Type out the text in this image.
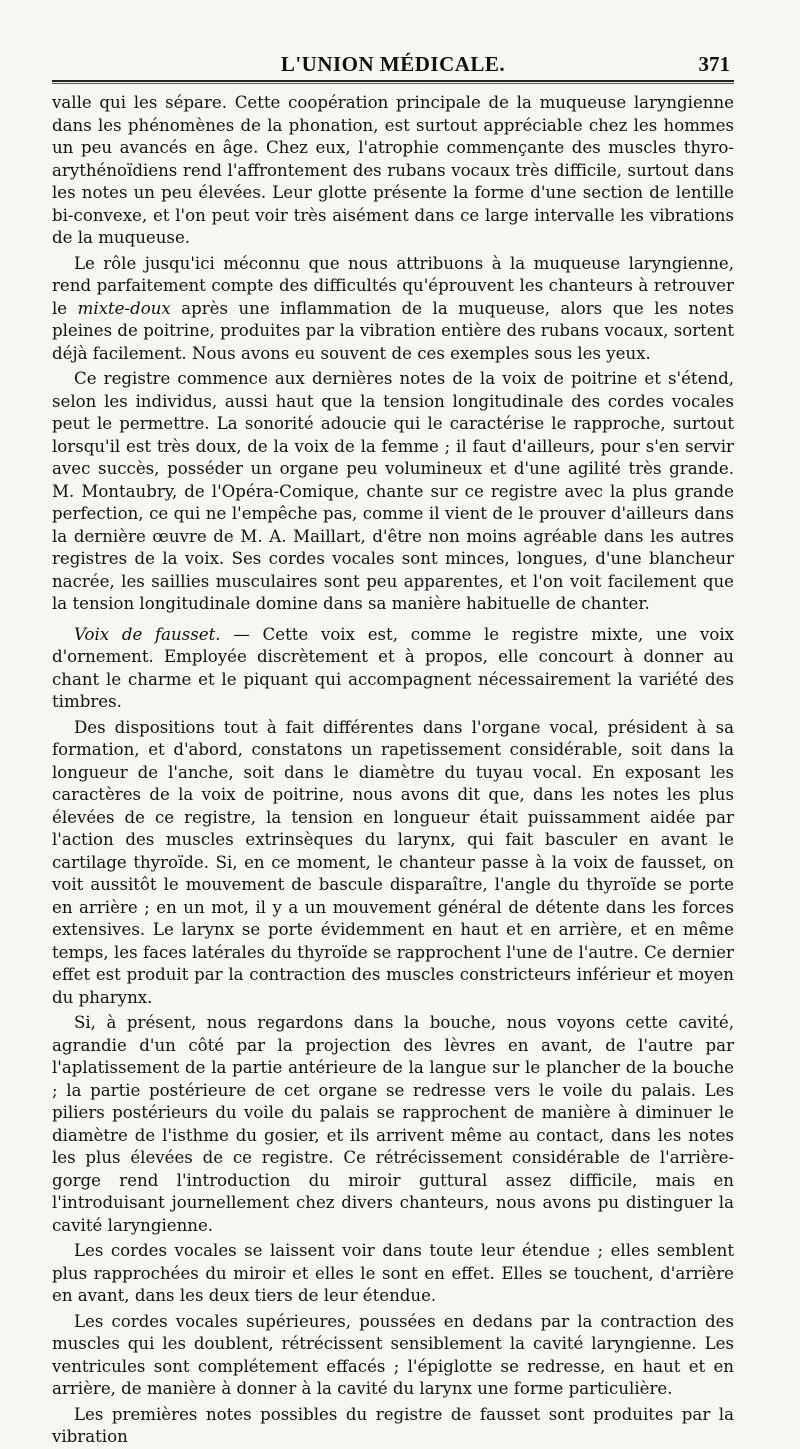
L'UNION MÉDICALE.	371

valle qui les sépare. Cette coopération principale de la muqueuse laryngienne dans les phénomènes de la phonation, est surtout appréciable chez les hommes un peu avancés en âge. Chez eux, l'atrophie commençante des muscles thyro-arythénoïdiens rend l'affrontement des rubans vocaux très difficile, surtout dans les notes un peu élevées. Leur glotte présente la forme d'une section de lentille bi-convexe, et l'on peut voir très aisément dans ce large intervalle les vibrations de la muqueuse.

Le rôle jusqu'ici méconnu que nous attribuons à la muqueuse laryngienne, rend parfaitement compte des difficultés qu'éprouvent les chanteurs à retrouver le mixte-doux après une inflammation de la muqueuse, alors que les notes pleines de poitrine, produites par la vibration entière des rubans vocaux, sortent déjà facilement. Nous avons eu souvent de ces exemples sous les yeux.

Ce registre commence aux dernières notes de la voix de poitrine et s'étend, selon les individus, aussi haut que la tension longitudinale des cordes vocales peut le permettre. La sonorité adoucie qui le caractérise le rapproche, surtout lorsqu'il est très doux, de la voix de la femme ; il faut d'ailleurs, pour s'en servir avec succès, posséder un organe peu volumineux et d'une agilité très grande. M. Montaubry, de l'Opéra-Comique, chante sur ce registre avec la plus grande perfection, ce qui ne l'empêche pas, comme il vient de le prouver d'ailleurs dans la dernière œuvre de M. A. Maillart, d'être non moins agréable dans les autres registres de la voix. Ses cordes vocales sont minces, longues, d'une blancheur nacrée, les saillies musculaires sont peu apparentes, et l'on voit facilement que la tension longitudinale domine dans sa manière habituelle de chanter.

Voix de fausset. — Cette voix est, comme le registre mixte, une voix d'ornement. Employée discrètement et à propos, elle concourt à donner au chant le charme et le piquant qui accompagnent nécessairement la variété des timbres.

Des dispositions tout à fait différentes dans l'organe vocal, président à sa formation, et d'abord, constatons un rapetissement considérable, soit dans la longueur de l'anche, soit dans le diamètre du tuyau vocal. En exposant les caractères de la voix de poitrine, nous avons dit que, dans les notes les plus élevées de ce registre, la tension en longueur était puissamment aidée par l'action des muscles extrinsèques du larynx, qui fait basculer en avant le cartilage thyroïde. Si, en ce moment, le chanteur passe à la voix de fausset, on voit aussitôt le mouvement de bascule disparaître, l'angle du thyroïde se porte en arrière ; en un mot, il y a un mouvement général de détente dans les forces extensives. Le larynx se porte évidemment en haut et en arrière, et en même temps, les faces latérales du thyroïde se rapprochent l'une de l'autre. Ce dernier effet est produit par la contraction des muscles constricteurs inférieur et moyen du pharynx.

Si, à présent, nous regardons dans la bouche, nous voyons cette cavité, agrandie d'un côté par la projection des lèvres en avant, de l'autre par l'aplatissement de la partie antérieure de la langue sur le plancher de la bouche ; la partie postérieure de cet organe se redresse vers le voile du palais. Les piliers postérieurs du voile du palais se rapprochent de manière à diminuer le diamètre de l'isthme du gosier, et ils arrivent même au contact, dans les notes les plus élevées de ce registre. Ce rétrécissement considérable de l'arrière-gorge rend l'introduction du miroir guttural assez difficile, mais en l'introduisant journellement chez divers chanteurs, nous avons pu distinguer la cavité laryngienne.

Les cordes vocales se laissent voir dans toute leur étendue ; elles semblent plus rapprochées du miroir et elles le sont en effet. Elles se touchent, d'arrière en avant, dans les deux tiers de leur étendue.

Les cordes vocales supérieures, poussées en dedans par la contraction des muscles qui les doublent, rétrécissent sensiblement la cavité laryngienne. Les ventricules sont complétement effacés ; l'épiglotte se redresse, en haut et en arrière, de manière à donner à la cavité du larynx une forme particulière.

Les premières notes possibles du registre de fausset sont produites par la vibration
